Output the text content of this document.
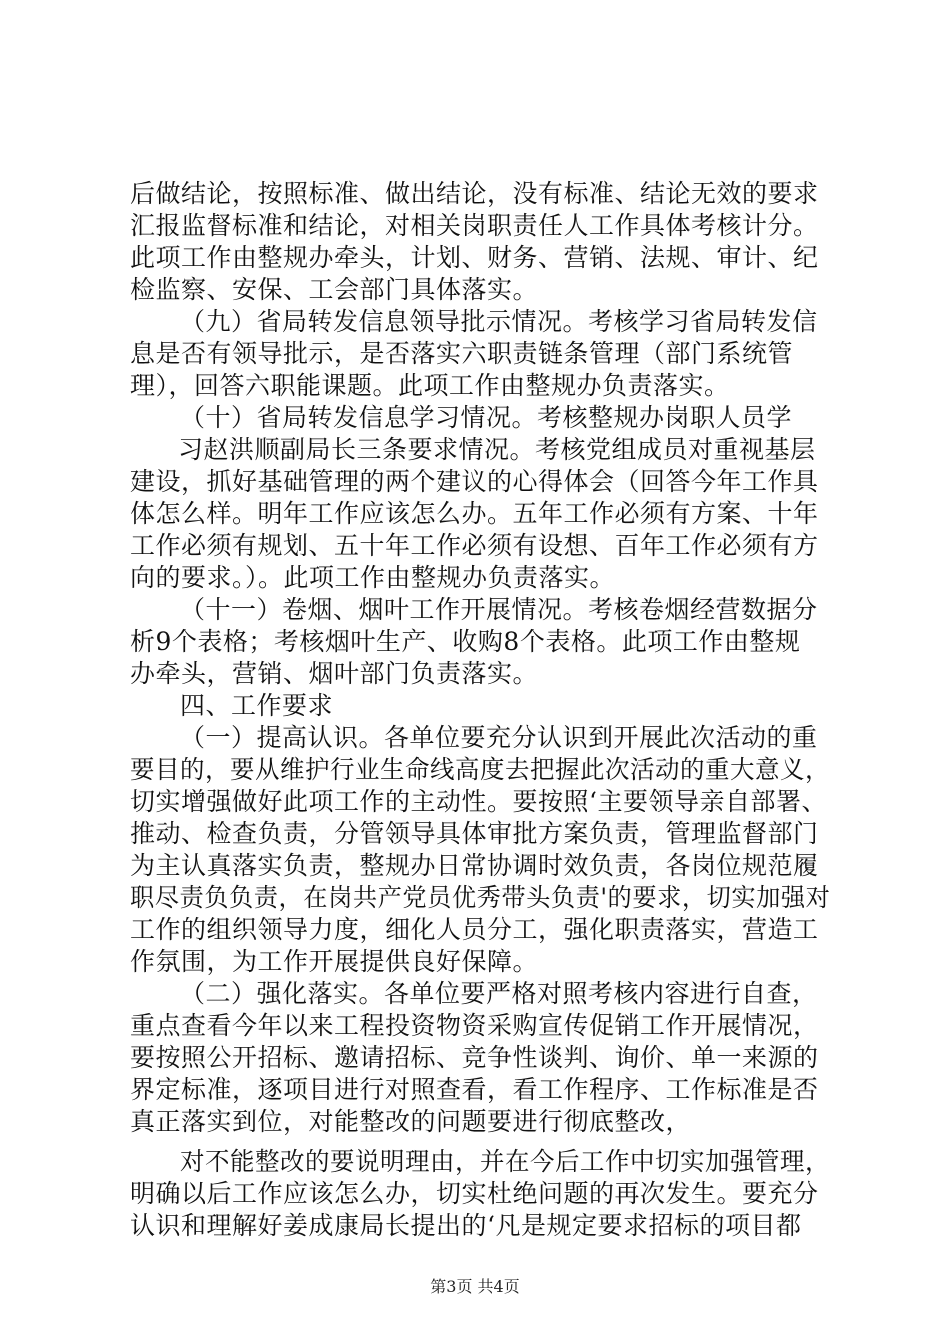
后做结论，按照标准、做出结论，没有标准、结论无效的要求
汇报监督标准和结论，对相关岗职责任人工作具体考核计分。
此项工作由整规办牵头，计划、财务、营销、法规、审计、纪
检监察、安保、工会部门具体落实。
（九）省局转发信息领导批示情况。考核学习省局转发信
息是否有领导批示，是否落实六职责链条管理（部门系统管
理），回答六职能课题。此项工作由整规办负责落实。
（十）省局转发信息学习情况。考核整规办岗职人员学
习赵洪顺副局长三条要求情况。考核党组成员对重视基层
建设，抓好基础管理的两个建议的心得体会（回答今年工作具
体怎么样。明年工作应该怎么办。五年工作必须有方案、十年
工作必须有规划、五十年工作必须有设想、百年工作必须有方
向的要求。）。此项工作由整规办负责落实。
（十一）卷烟、烟叶工作开展情况。考核卷烟经营数据分
析9个表格；考核烟叶生产、收购8个表格。此项工作由整规
办牵头，营销、烟叶部门负责落实。
四、工作要求
（一）提高认识。各单位要充分认识到开展此次活动的重
要目的，要从维护行业生命线高度去把握此次活动的重大意义，
切实增强做好此项工作的主动性。要按照‘主要领导亲自部署、
推动、检查负责，分管领导具体审批方案负责，管理监督部门
为主认真落实负责，整规办日常协调时效负责，各岗位规范履
职尽责负负责，在岗共产党员优秀带头负责'的要求，切实加强对
工作的组织领导力度，细化人员分工，强化职责落实，营造工
作氛围，为工作开展提供良好保障。
（二）强化落实。各单位要严格对照考核内容进行自查，
重点查看今年以来工程投资物资采购宣传促销工作开展情况，
要按照公开招标、邀请招标、竞争性谈判、询价、单一来源的
界定标准，逐项目进行对照查看，看工作程序、工作标准是否
真正落实到位，对能整改的问题要进行彻底整改，
对不能整改的要说明理由，并在今后工作中切实加强管理，
明确以后工作应该怎么办，切实杜绝问题的再次发生。要充分
认识和理解好姜成康局长提出的‘凡是规定要求招标的项目都
第3页 共4页
